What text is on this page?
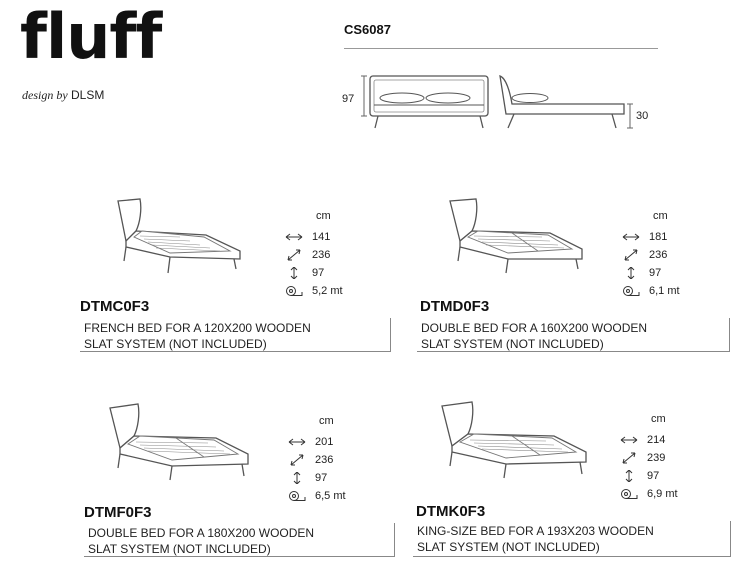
fluff
design by DLSM
CS6087
97
30
cm
141
236
97
5,2 mt
DTMC0F3
FRENCH BED FOR A 120X200 WOODEN
SLAT SYSTEM (NOT INCLUDED)
cm
181
236
97
6,1 mt
DTMD0F3
DOUBLE BED FOR A 160X200 WOODEN
SLAT SYSTEM (NOT INCLUDED)
cm
201
236
97
6,5 mt
DTMF0F3
DOUBLE BED FOR A 180X200 WOODEN
SLAT SYSTEM (NOT INCLUDED)
cm
214
239
97
6,9 mt
DTMK0F3
KING-SIZE BED FOR A 193X203 WOODEN
SLAT SYSTEM (NOT INCLUDED)
